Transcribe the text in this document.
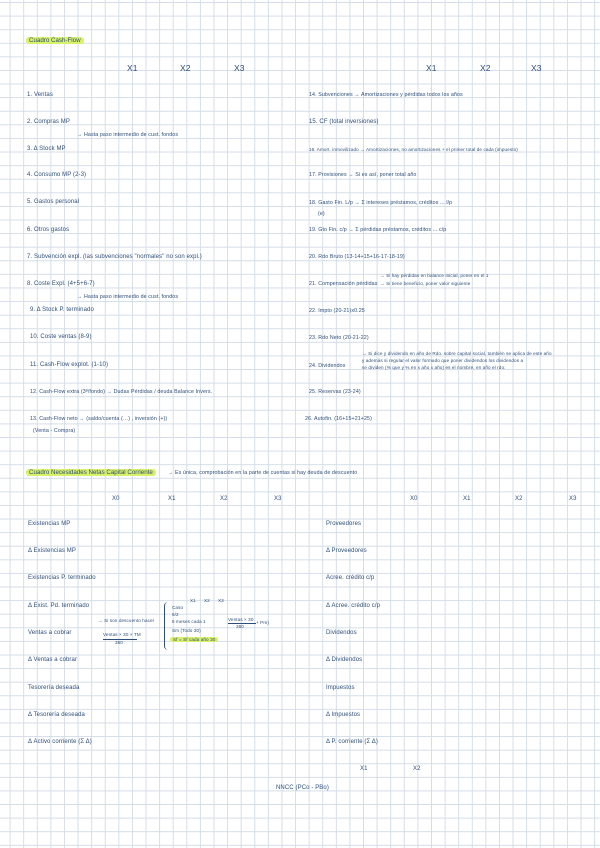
Cuadro Cash-Flow
X1	X2	X3	X1	X2	X3
1. Ventas
2. Compras MP
→ Hasta paso intermedio de cust. fondos
3. Δ Stock MP
4. Consumo MP (2-3)
5. Gastos personal
6. Otros gastos
7. Subvención expl. (las subvenciones "normales" no son expl.)
8. Coste Expl. (4+5+6-7)
→ Hasta paso intermedio de cust. fondos
9. Δ Stock P. terminado
10. Coste ventas (8-9)
11. Cash-Flow explot. (1-10)
12. Cash-Flow extra (3ª/fondo) → Dudas Pérdidas / deuda Balance Invers.
13. Cash-Flow neto → (saldo/cuenta (…) , inversión (+))
(Venta - Compra)
14. Subvenciones → Amortizaciones y pérdidas todos los años
15. CF (total inversiones)
16. Amort. inmovilizado → Amortizaciones, no amortizaciones + el primer total de cada (impuesto)
17. Provisiones → Si es así, poner total año
18. Gasto Fin. L/p → Σ intereses préstamos, créditos ... l/p
(e)
19. Gto Fin. c/p → Σ pérdidas préstamos, créditos ... c/p
20. Rdo Bruto (13-14+15+16-17-18-19)
21. Compensación pérdidas
→ Si hay pérdidas en balance inicial, poner en el 1
→ Si tiene beneficio, poner valor siguiente
22. Impto (20-21)x0.25
23. Rdo Neto (20-21-22)
24. Dividendos
→ Si dice y dividendo en año de Rdo. sobre capital social, también se aplica de este año
y además si regular el valor formado que poner dividendos los dividendos a
se dividen (% que y % en x año x año) es el nombre, en año el rdo.
25. Reservas (23-24)
26. Autofin. (16+15+21+25)
Cuadro Necesidades Netas Capital Corriente	→ Es única, comprobación en la parte de cuentas si hay deuda de descuento
X0	X1	X2	X3	X0	X1	X2	X3
Existencias MP
Δ Existencias MP
Existencias P. terminado
Δ Exist. Pd. terminado
Ventas a cobrar
Δ Ventas a cobrar
Tesorería deseada
Δ Tesorería deseada
Δ Activo corriente (Σ Δ)
→ Si son descuento hacer
Ventas × 30 × TM
360
X1 X2 X3
Caso
5/2
5 meses cada 1	Ventas × 30
360
+ Pm)
Sm (Todo 30)
Sf = Sf cada año 30
Proveedores
Δ Proveedores
Acree. crédito c/p
Δ Acree. crédito c/p
Dividendos
Δ Dividendos
Impuestos
Δ Impuestos
Δ P. corriente (Σ Δ)
X1	X2
NNCC (PCo - PBo)
